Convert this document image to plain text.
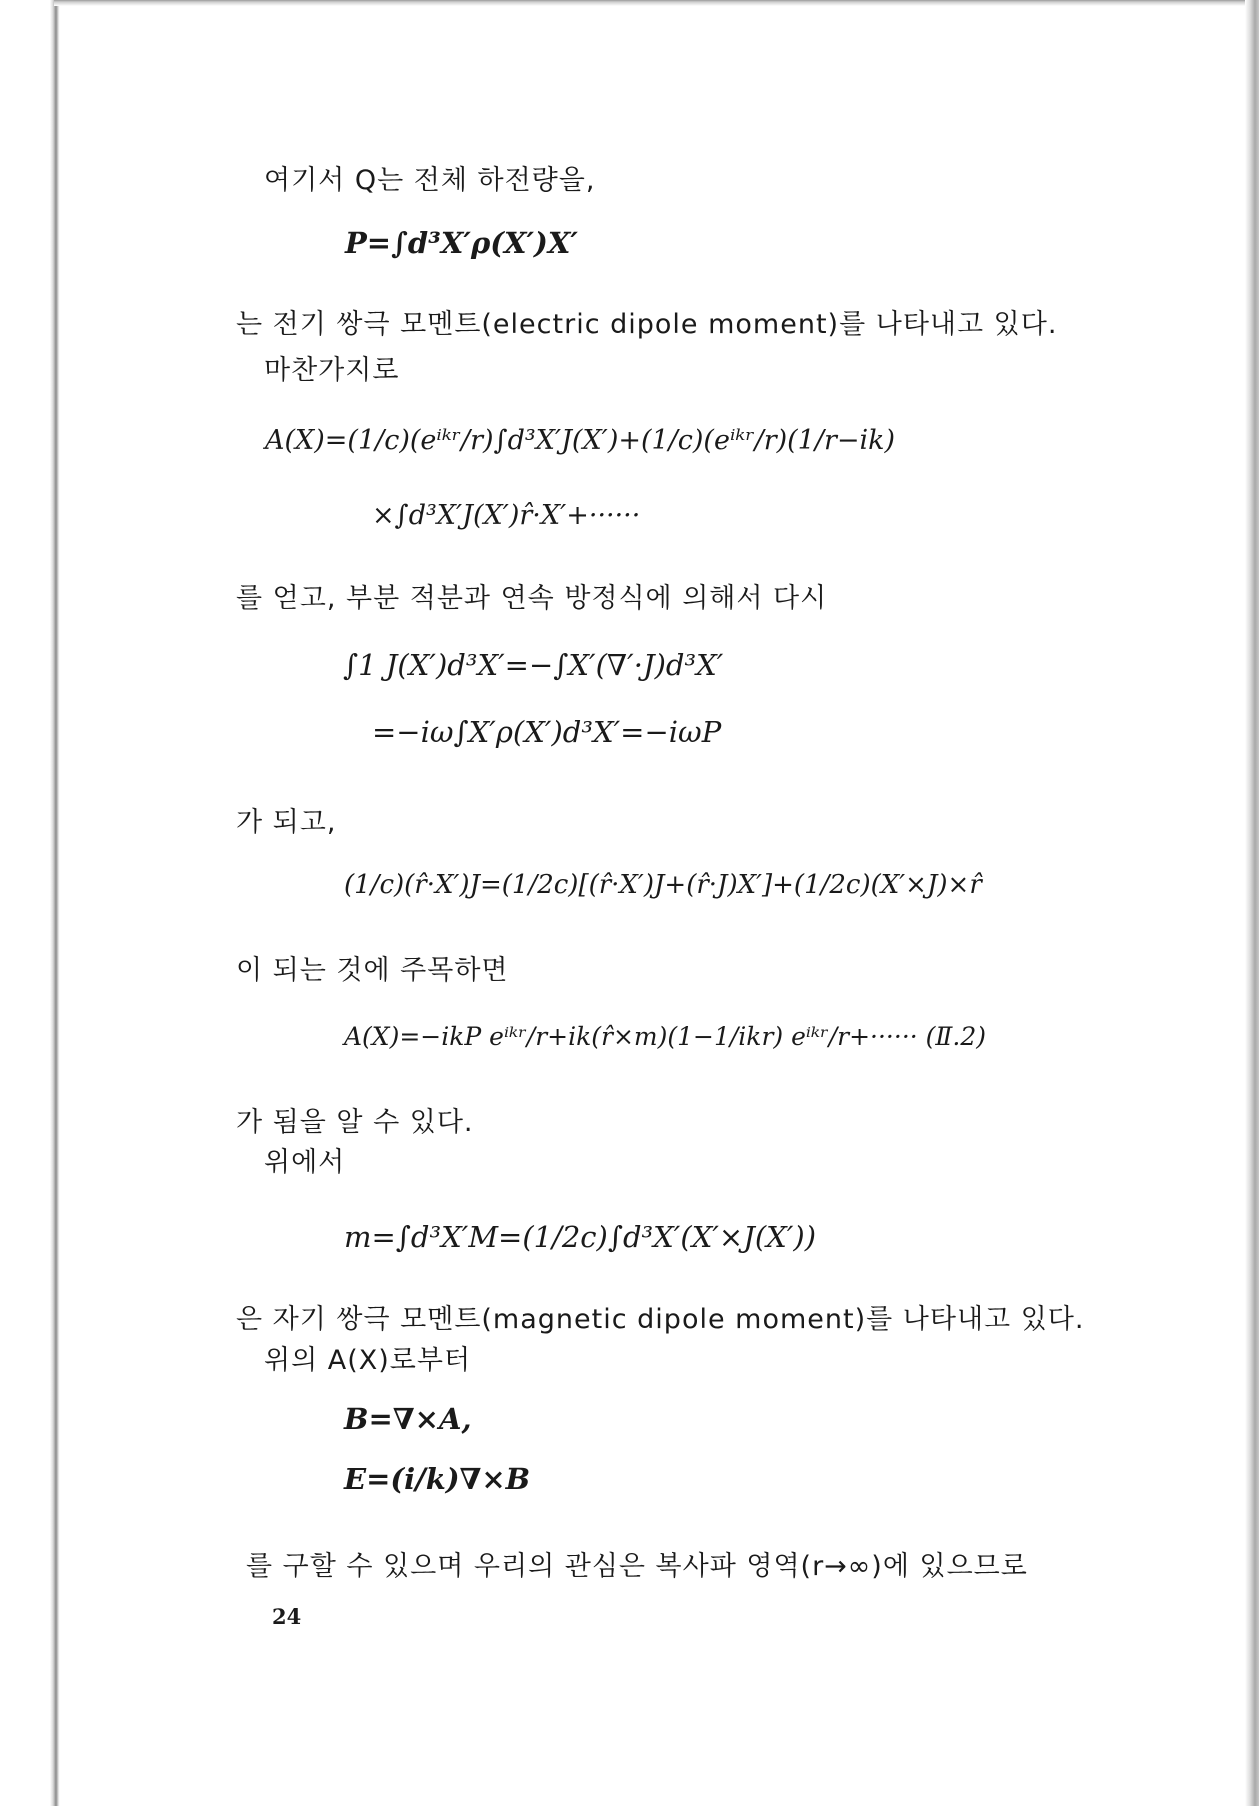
여기서 Q는 전체 하전량을,
P=∫d³X′ρ(X′)X′
는 전기 쌍극 모멘트(electric dipole moment)를 나타내고 있다.
마찬가지로
A(X)=(1/c)(eⁱᵏʳ/r)∫d³X′J(X′)+(1/c)(eⁱᵏʳ/r)(1/r−ik)
×∫d³X′J(X′)r̂·X′+······
를 얻고, 부분 적분과 연속 방정식에 의해서 다시
∫1 J(X′)d³X′=−∫X′(∇′·J)d³X′
=−iω∫X′ρ(X′)d³X′=−iωP
가 되고,
(1/c)(r̂·X′)J=(1/2c)[(r̂·X′)J+(r̂·J)X′]+(1/2c)(X′×J)×r̂
이 되는 것에 주목하면
A(X)=−ikP eⁱᵏʳ/r+ik(r̂×m)(1−1/ikr) eⁱᵏʳ/r+······ (Ⅱ.2)
가 됨을 알 수 있다.
위에서
m=∫d³X′M=(1/2c)∫d³X′(X′×J(X′))
은 자기 쌍극 모멘트(magnetic dipole moment)를 나타내고 있다.
위의 A(X)로부터
B=∇×A,
E=(i/k)∇×B
를 구할 수 있으며 우리의 관심은 복사파 영역(r→∞)에 있으므로
24
